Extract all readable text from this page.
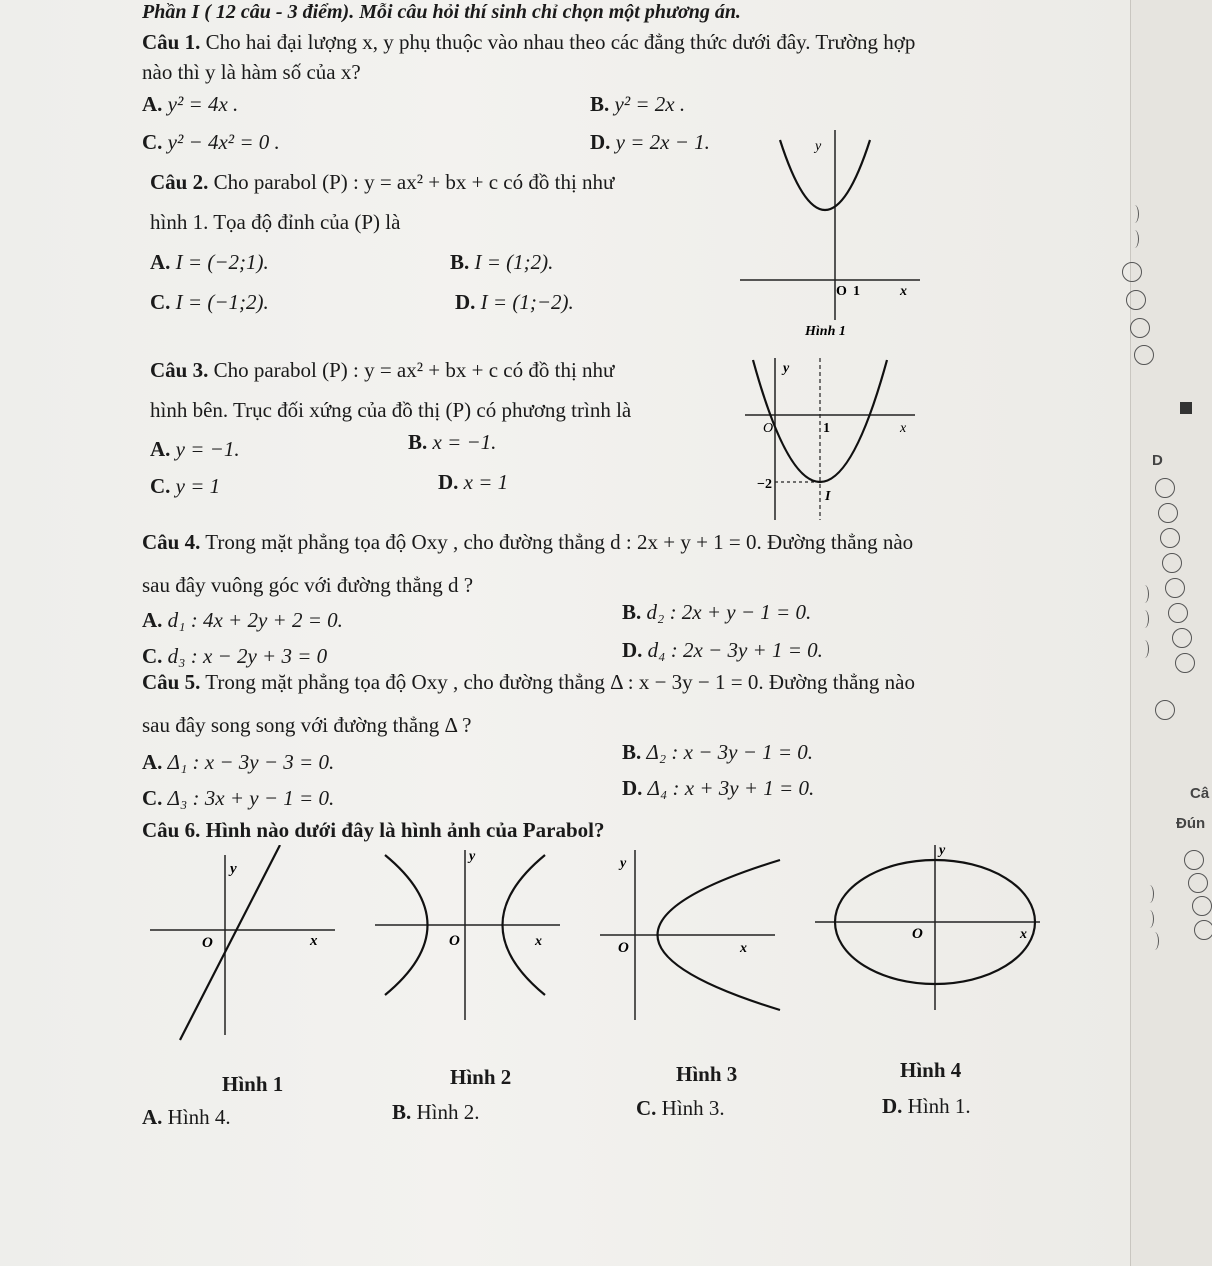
Phần I ( 12 câu - 3 điểm). Mỗi câu hỏi thí sinh chỉ chọn một phương án.
Câu 1. Cho hai đại lượng x, y phụ thuộc vào nhau theo các đẳng thức dưới đây. Trường hợp
nào thì y là hàm số của x?
A. y² = 4x .	B. y² = 2x .
C. y² − 4x² = 0 .	D. y = 2x − 1.
Câu 2. Cho parabol (P) : y = ax² + bx + c có đồ thị như
hình 1. Tọa độ đỉnh của (P) là
A. I = (−2;1).	B. I = (1;2).
C. I = (−1;2).	D. I = (1;−2).
y
O 1	x
Hình 1
Câu 3. Cho parabol (P) : y = ax² + bx + c có đồ thị như
hình bên. Trục đối xứng của đồ thị (P) có phương trình là
A. y = −1.	B. x = −1.
C. y = 1	D. x = 1
y
O	1	x
−2
I
Câu 4. Trong mặt phẳng tọa độ Oxy , cho đường thẳng d : 2x + y + 1 = 0. Đường thẳng nào
sau đây vuông góc với đường thẳng d ?
A. d₁ : 4x + 2y + 2 = 0.	B. d₂ : 2x + y − 1 = 0.
C. d₃ : x − 2y + 3 = 0	D. d₄ : 2x − 3y + 1 = 0.
Câu 5. Trong mặt phẳng tọa độ Oxy , cho đường thẳng Δ : x − 3y − 1 = 0. Đường thẳng nào
sau đây song song với đường thẳng Δ ?
A. Δ₁ : x − 3y − 3 = 0.	B. Δ₂ : x − 3y − 1 = 0.
C. Δ₃ : 3x + y − 1 = 0.	D. Δ₄ : x + 3y + 1 = 0.
Câu 6. Hình nào dưới đây là hình ảnh của Parabol?
y
O	x
y
O	x
y
O	x
y
O	x
Hình 1	Hình 2	Hình 3	Hình 4
A. Hình 4.	B. Hình 2.	C. Hình 3.	D. Hình 1.
D
Câ
Đún
